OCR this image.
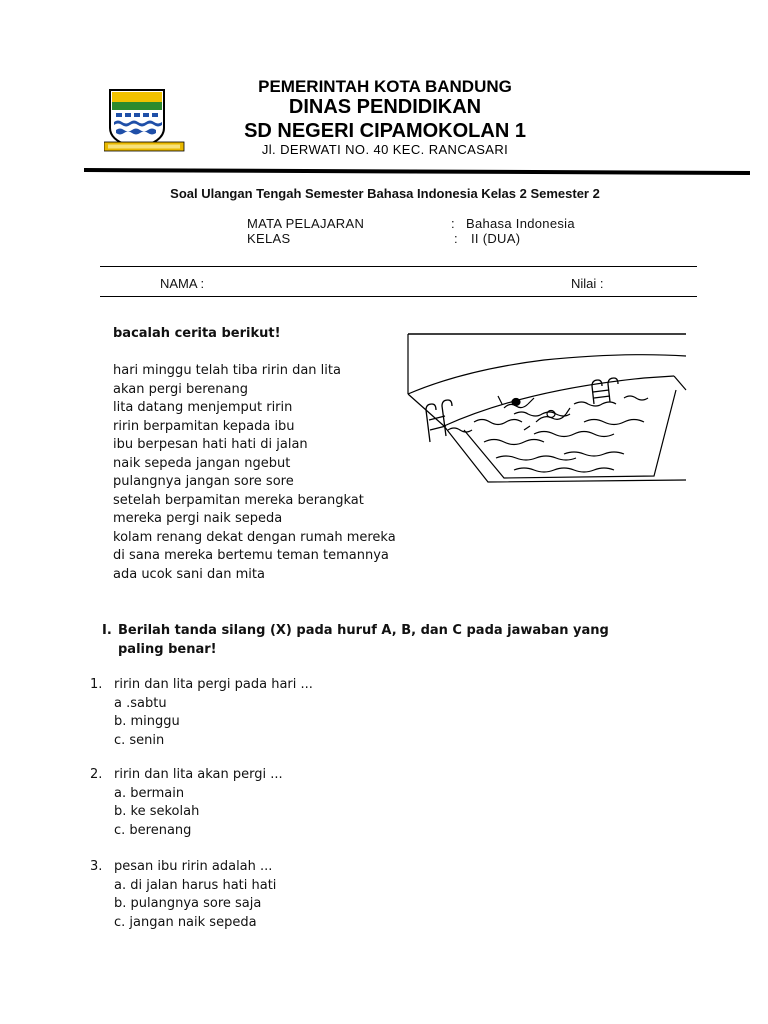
PEMERINTAH KOTA BANDUNG
DINAS PENDIDIKAN
SD NEGERI CIPAMOKOLAN 1
Jl. DERWATI NO. 40 KEC. RANCASARI
Soal Ulangan Tengah Semester Bahasa Indonesia Kelas 2 Semester 2
MATA PELAJARAN	: Bahasa Indonesia
KELAS	: II (DUA)
NAMA :	Nilai :
bacalah cerita berikut!
hari minggu telah tiba ririn dan lita
akan pergi berenang
lita datang menjemput ririn
ririn berpamitan kepada ibu
ibu berpesan hati hati di jalan
naik sepeda jangan ngebut
pulangnya jangan sore sore
setelah berpamitan mereka berangkat
mereka pergi naik sepeda
kolam renang dekat dengan rumah mereka
di sana mereka bertemu teman temannya
ada ucok sani dan mita
I. Berilah tanda silang (X) pada huruf A, B, dan C pada jawaban yang
paling benar!
1. ririn dan lita pergi pada hari ...
a .sabtu
b. minggu
c. senin
2. ririn dan lita akan pergi ...
a. bermain
b. ke sekolah
c. berenang
3. pesan ibu ririn adalah ...
a. di jalan harus hati hati
b. pulangnya sore saja
c. jangan naik sepeda
